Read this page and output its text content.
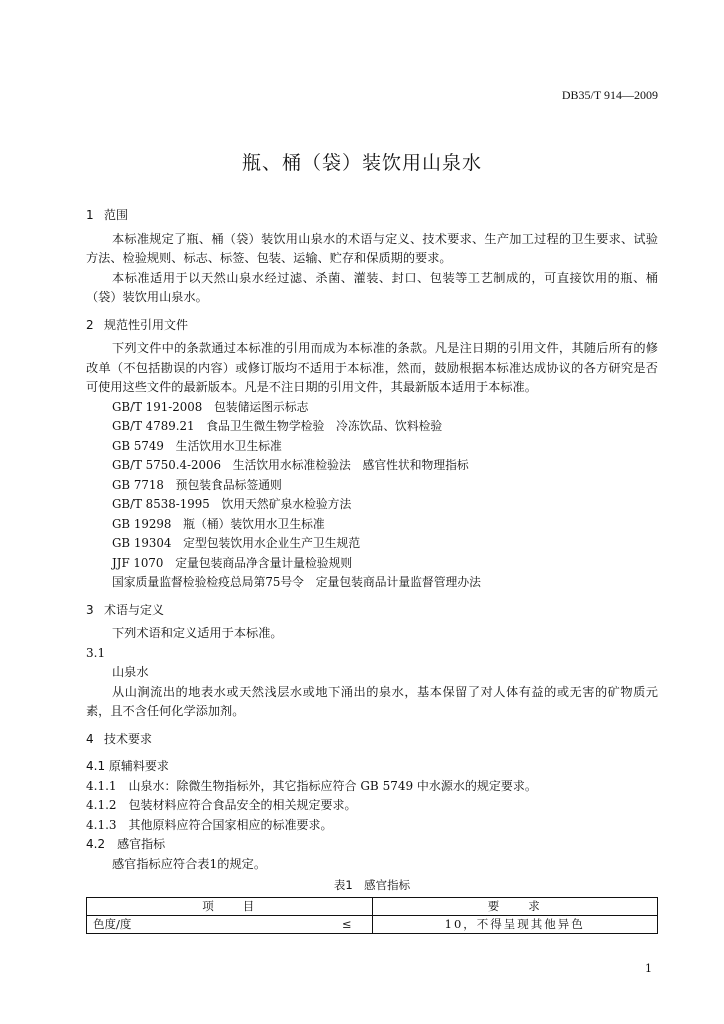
DB35/T 914—2009
瓶、桶（袋）装饮用山泉水
1 范围

本标准规定了瓶、桶（袋）装饮用山泉水的术语与定义、技术要求、生产加工过程的卫生要求、试验方法、检验规则、标志、标签、包装、运输、贮存和保质期的要求。

本标准适用于以天然山泉水经过滤、杀菌、灌装、封口、包装等工艺制成的，可直接饮用的瓶、桶（袋）装饮用山泉水。

2 规范性引用文件

下列文件中的条款通过本标准的引用而成为本标准的条款。凡是注日期的引用文件，其随后所有的修改单（不包括勘误的内容）或修订版均不适用于本标准，然而，鼓励根据本标准达成协议的各方研究是否可使用这些文件的最新版本。凡是不注日期的引用文件，其最新版本适用于本标准。

GB/T 191-2008　包装储运图示标志
GB/T 4789.21　食品卫生微生物学检验　冷冻饮品、饮料检验
GB 5749　生活饮用水卫生标准
GB/T 5750.4-2006　生活饮用水标准检验法　感官性状和物理指标
GB 7718　预包装食品标签通则
GB/T 8538-1995　饮用天然矿泉水检验方法
GB 19298　瓶（桶）装饮用水卫生标准
GB 19304　定型包装饮用水企业生产卫生规范
JJF 1070　定量包装商品净含量计量检验规则
国家质量监督检验检疫总局第75号令　定量包装商品计量监督管理办法
3 术语与定义

下列术语和定义适用于本标准。

3.1
山泉水

从山涧流出的地表水或天然浅层水或地下涌出的泉水，基本保留了对人体有益的或无害的矿物质元素，且不含任何化学添加剂。

4 技术要求
4.1 原辅料要求
4.1.1　山泉水：除微生物指标外，其它指标应符合 GB 5749 中水源水的规定要求。
4.1.2　包装材料应符合食品安全的相关规定要求。
4.1.3　其他原料应符合国家相应的标准要求。
4.2　感官指标

感官指标应符合表1的规定。

表1　感官指标
项　　目	要　　求

色度/度 ≤	10，不得呈现其他异色
1
